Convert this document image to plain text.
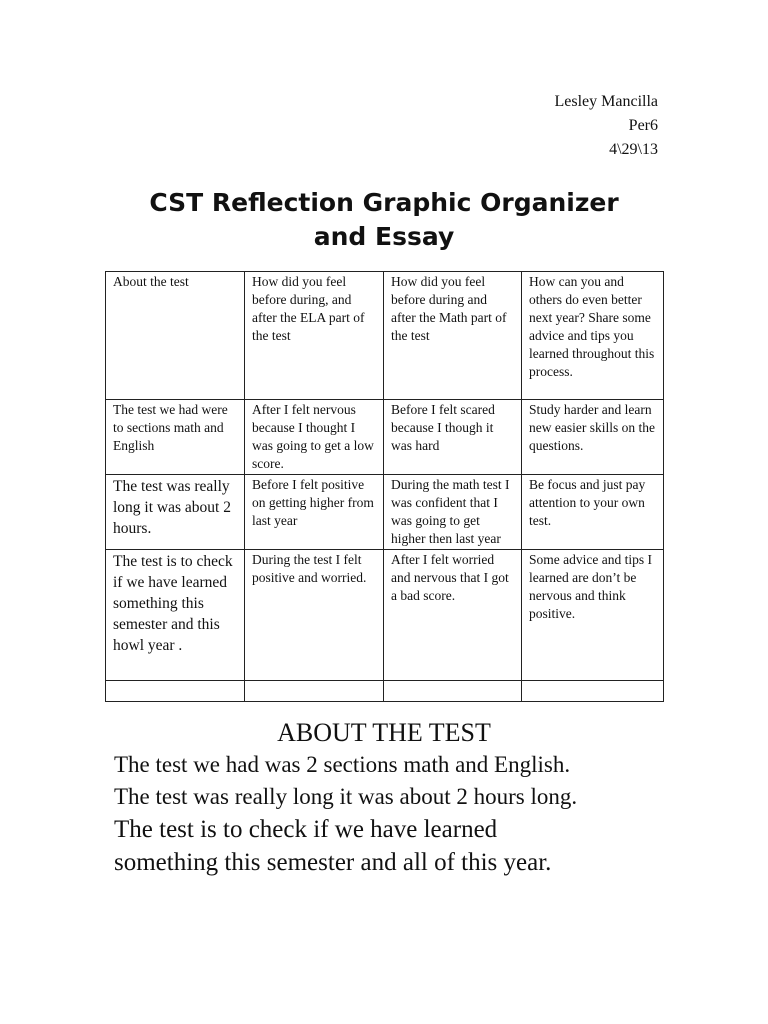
Lesley Mancilla
Per6
4\29\13
CST Reflection Graphic Organizer
and Essay
About the test	How did you feel before during, and after the ELA part of the test	How did you feel before during and after the Math part of the test	How can you and others do even better next year? Share some advice and tips you learned throughout this process.
The test we had were to sections math and English	After I felt nervous because I thought I was going to get a low score.	Before I felt scared because I though it was hard	Study harder and learn new easier skills on the questions.
The test was really long it was about 2 hours.	Before I felt positive on getting higher from last year	During the math test I was confident that I was going to get higher then last year	Be focus and just pay attention to your own test.
The test is to check if we have learned something this semester and this howl year .	During the test I felt positive and worried.	After I felt worried and nervous that I got a bad score.	Some advice and tips I learned are don’t be nervous and think positive.

ABOUT THE TEST
The test we had was 2 sections math and English.
The test was really long it was about 2 hours long.
The test is to check if we have learned
something this semester and all of this year.
